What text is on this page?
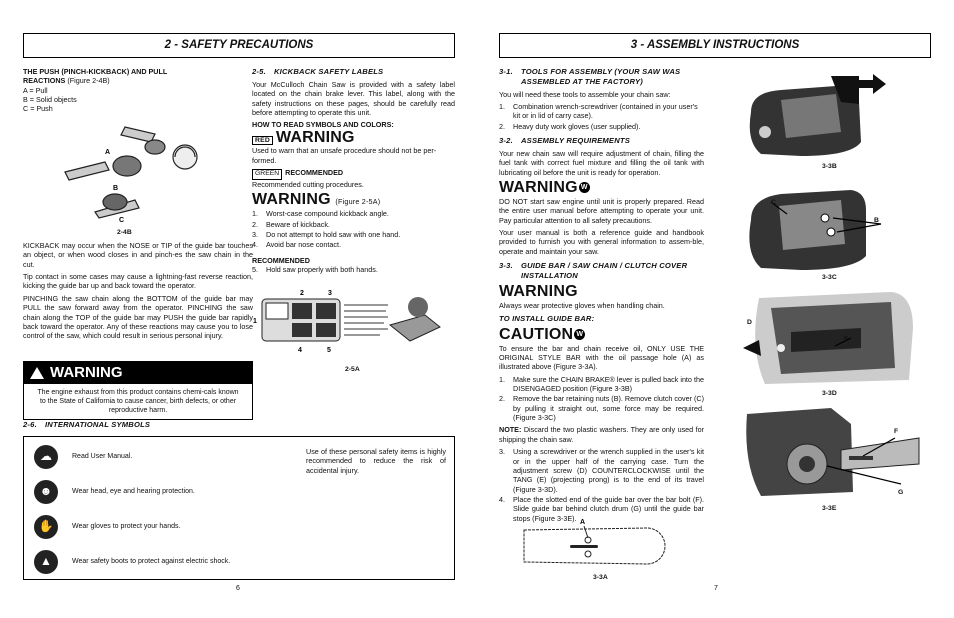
2 - SAFETY PRECAUTIONS
THE PUSH (PINCH-KICKBACK) AND PULL
REACTIONS (Figure 2-4B)
A = Pull
B = Solid objects
C = Push
A
B
C
2-4B

KICKBACK may occur when the NOSE or TIP of the guide bar touches an object, or when wood closes in and pinch-es the saw chain in the cut.

Tip contact in some cases may cause a lightning-fast reverse reaction, kicking the guide bar up and back toward the operator.

PINCHING the saw chain along the BOTTOM of the guide bar may PULL the saw forward away from the operator. PINCHING the saw chain along the TOP of the guide bar may PUSH the guide bar rapidly back toward the operator. Any of these reactions may cause you to lose control of the saw, which could result in serious personal injury.

WARNING
The engine exhaust from this product contains chemi-cals known to the State of California to cause cancer, birth defects, or other reproductive harm.
2-5. KICKBACK SAFETY LABELS

Your McCulloch Chain Saw is provided with a safety label located on the chain brake lever. This label, along with the safety instructions on these pages, should be carefully read before attempting to operate this unit.

HOW TO READ SYMBOLS AND COLORS:
RED WARNING

Used to warn that an unsafe procedure should not be per-formed.

GREEN RECOMMENDED

Recommended cutting procedures.

WARNING (Figure 2-5A)
1.	Worst-case compound kickback angle.
2.	Beware of kickback.
3.	Do not attempt to hold saw with one hand.
4.	Avoid bar nose contact.
RECOMMENDED
5.	Hold saw properly with both hands.
2	3
1
4	5
2-5A
2-6. INTERNATIONAL SYMBOLS
☁	Read User Manual.
☻	Wear head, eye and hearing protection.
✋	Wear gloves to protect your hands.
▲	Wear safety boots to protect against electric shock.
Use of these personal safety items is highly recommended to reduce the risk of accidental injury.
6
3 - ASSEMBLY INSTRUCTIONS
3-1.	TOOLS FOR ASSEMBLY (YOUR SAW WAS ASSEMBLED AT THE FACTORY)

You will need these tools to assemble your chain saw:

1.	Combination wrench-screwdriver (contained in your user's kit or in lid of carry case).
2.	Heavy duty work gloves (user supplied).
3-2. ASSEMBLY REQUIREMENTS

Your new chain saw will require adjustment of chain, filling the fuel tank with correct fuel mixture and filling the oil tank with lubricating oil before the unit is ready for operation.

WARNING W

DO NOT start saw engine until unit is properly prepared. Read the entire user manual before attempting to operate your unit. Pay particular attention to all safety precautions.

Your user manual is both a reference guide and handbook provided to furnish you with general information to assem-ble, operate and maintain your saw.

3-3.	GUIDE BAR / SAW CHAIN / CLUTCH COVER INSTALLATION
WARNING

Always wear protective gloves when handling chain.

TO INSTALL GUIDE BAR:
CAUTION W

To ensure the bar and chain receive oil, ONLY USE THE ORIGINAL STYLE BAR with the oil passage hole (A) as illustrated above (Figure 3-3A).

1.	Make sure the CHAIN BRAKE® lever is pulled back into the DISENGAGED position (Figure 3-3B)
2.	Remove the bar retaining nuts (B). Remove clutch cover (C) by pulling it straight out, some force may be required. (Figure 3-3C)

NOTE: Discard the two plastic washers. They are only used for shipping the chain saw.

3.	Using a screwdriver or the wrench supplied in the user's kit or in the upper half of the carrying case. Turn the adjustment screw (D) COUNTERCLOCKWISE until the TANG (E) (projecting prong) is to the end of its travel (Figure 3-3D).
4.	Place the slotted end of the guide bar over the bar bolt (F). Slide guide bar behind clutch drum (G) until the guide bar stops (Figure 3-3E). A
3-3A
3-3B
C
B
3-3C
D
E
3-3D
F
G
3-3E
7
